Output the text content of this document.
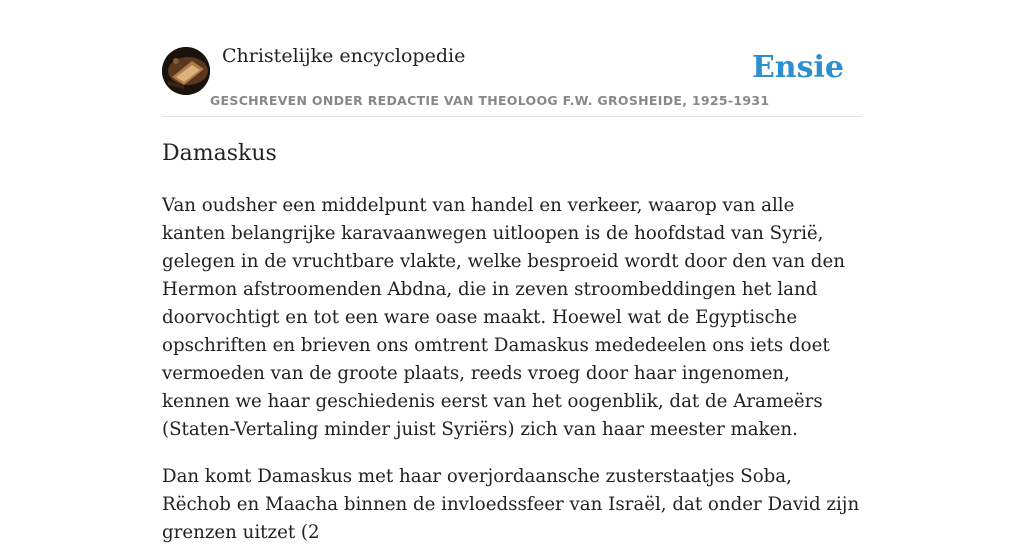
Christelijke encyclopedie
GESCHREVEN ONDER REDACTIE VAN THEOLOOG F.W. GROSHEIDE, 1925-1931
Ensie
Damaskus

Van oudsher een middelpunt van handel en verkeer, waarop van alle kanten belangrijke karavaanwegen uitloopen is de hoofdstad van Syrië, gelegen in de vruchtbare vlakte, welke besproeid wordt door den van den Hermon afstroomenden Abdna, die in zeven stroombeddingen het land doorvochtigt en tot een ware oase maakt. Hoewel wat de Egyptische opschriften en brieven ons omtrent Damaskus mededeelen ons iets doet vermoeden van de groote plaats, reeds vroeg door haar ingenomen, kennen we haar geschiedenis eerst van het oogenblik, dat de Arameërs (Staten-Vertaling minder juist Syriërs) zich van haar meester maken.

Dan komt Damaskus met haar overjordaansche zusterstaatjes Soba, Rëchob en Maacha binnen de invloedssfeer van Israël, dat onder David zijn grenzen uitzet (2
